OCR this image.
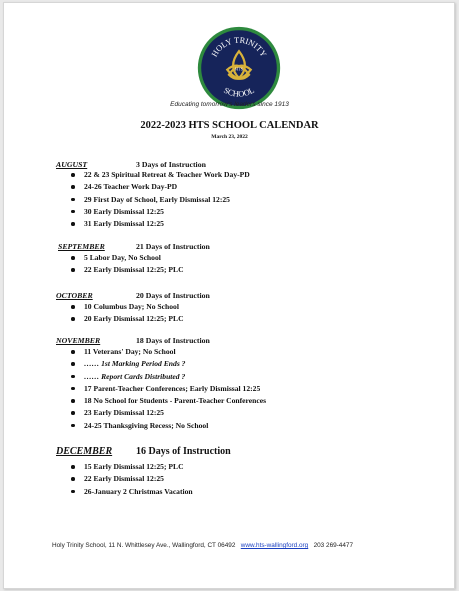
HOLY TRINITY
SCHOOL
HTS
Educating tomorrow's leaders since 1913
2022-2023 HTS SCHOOL CALENDAR
March 23, 2022
AUGUST	3 Days of Instruction
22 & 23 Spiritual Retreat & Teacher Work Day-PD
24-26 Teacher Work Day-PD
29 First Day of School, Early Dismissal 12:25
30 Early Dismissal 12:25
31 Early Dismissal 12:25
SEPTEMBER	21 Days of Instruction
5 Labor Day, No School
22 Early Dismissal 12:25; PLC
OCTOBER	20 Days of Instruction
10 Columbus Day; No School
20 Early Dismissal 12:25; PLC
NOVEMBER	18 Days of Instruction
11 Veterans' Day; No School
…… 1st Marking Period Ends ?
…… Report Cards Distributed ?
17 Parent-Teacher Conferences; Early Dismissal 12:25
18 No School for Students - Parent-Teacher Conferences
23 Early Dismissal 12:25
24-25 Thanksgiving Recess; No School
DECEMBER 16 Days of Instruction
15 Early Dismissal 12:25; PLC
22 Early Dismissal 12:25
26-January 2 Christmas Vacation
Holy Trinity School, 11 N. Whittlesey Ave., Wallingford, CT 06492 www.hts-wallingford.org 203 269-4477
